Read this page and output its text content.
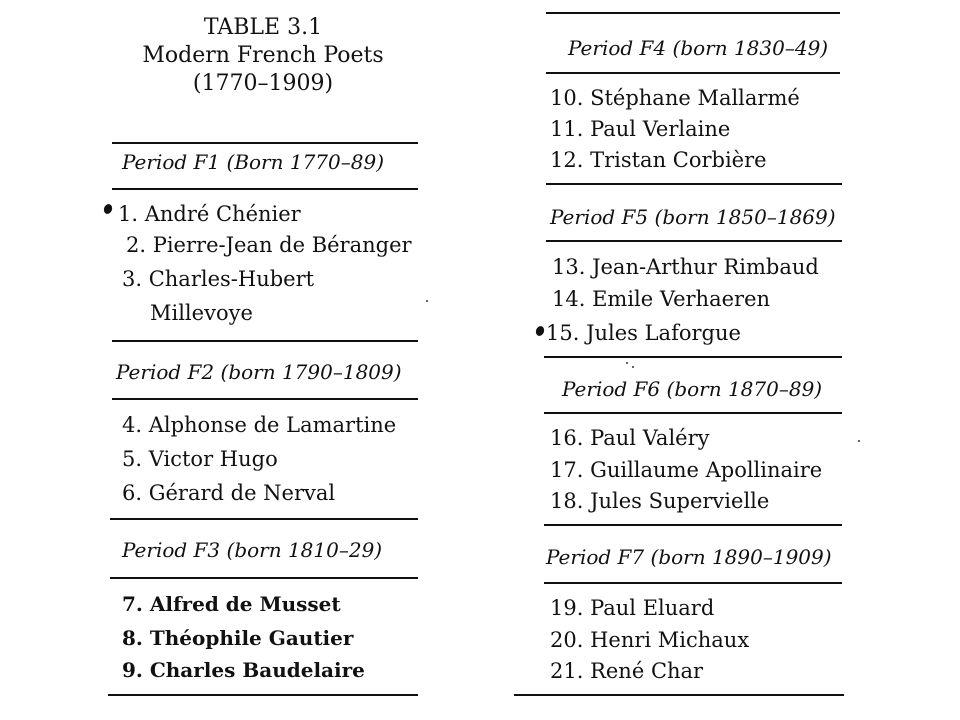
TABLE 3.1
Modern French Poets
(1770–1909)
Period F1 (Born 1770–89)
1. André Chénier
2. Pierre-Jean de Béranger
3. Charles-Hubert
Millevoye
Period F2 (born 1790–1809)
4. Alphonse de Lamartine
5. Victor Hugo
6. Gérard de Nerval
Period F3 (born 1810–29)
7. Alfred de Musset
8. Théophile Gautier
9. Charles Baudelaire
Period F4 (born 1830–49)
10. Stéphane Mallarmé
11. Paul Verlaine
12. Tristan Corbière
Period F5 (born 1850–1869)
13. Jean-Arthur Rimbaud
14. Emile Verhaeren
15. Jules Laforgue
Period F6 (born 1870–89)
16. Paul Valéry
17. Guillaume Apollinaire
18. Jules Supervielle
Period F7 (born 1890–1909)
19. Paul Eluard
20. Henri Michaux
21. René Char
